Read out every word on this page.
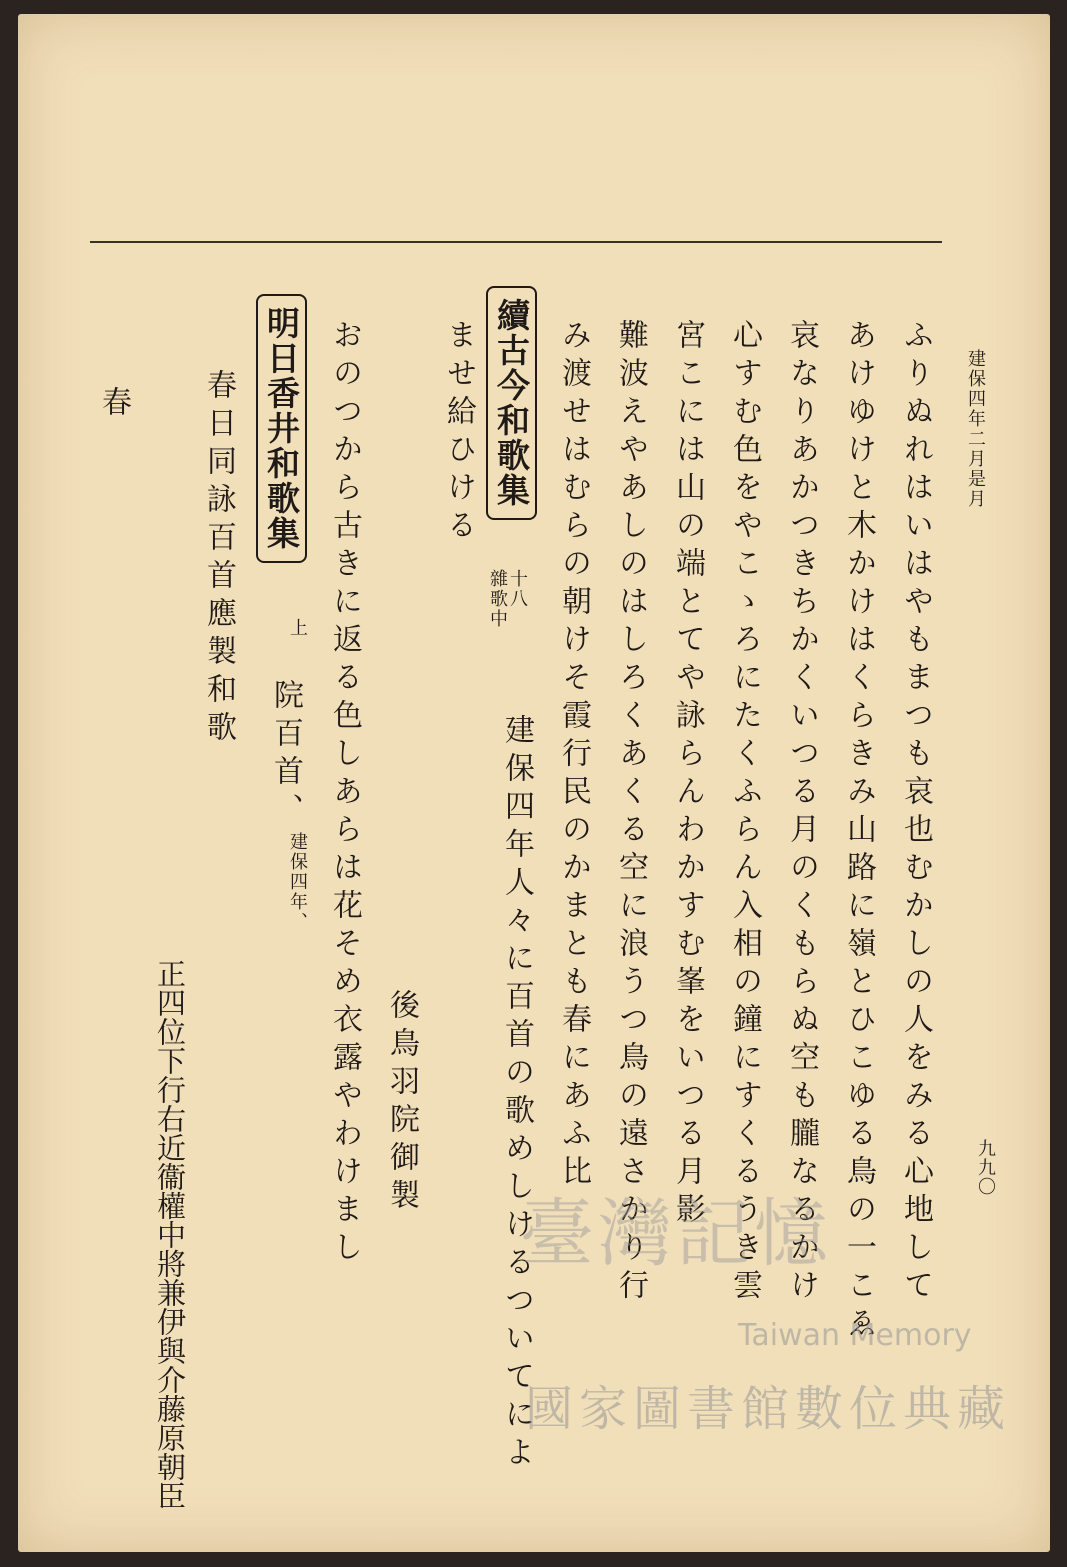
九九〇
建保四年二月是月
ふりぬれはいはやもまつも哀也むかしの人をみる心地して
あけゆけと木かけはくらきみ山路に嶺とひこゆる鳥の一こゑ
哀なりあかつきちかくいつる月のくもらぬ空も朧なるかけ
心すむ色をやこゝろにたくふらん入相の鐘にすくるうき雲
宮こには山の端とてや詠らんわかすむ峯をいつる月影
難波えやあしのはしろくあくる空に浪うつ鳥の遠さかり行
み渡せはむらの朝けそ霞行民のかまとも春にあふ比
續古今和歌集
十八
雜歌中
建保四年人々に百首の歌めしけるついてによ
ませ給ひける
後鳥羽院御製
おのつから古きに返る色しあらは花そめ衣露やわけまし
明日香井和歌集
上
院百首、
建保四年、
春日同詠百首應製和歌
正四位下行右近衞權中將兼伊與介藤原朝臣
春
臺灣記憶
Taiwan Memory
國家圖書館數位典藏
